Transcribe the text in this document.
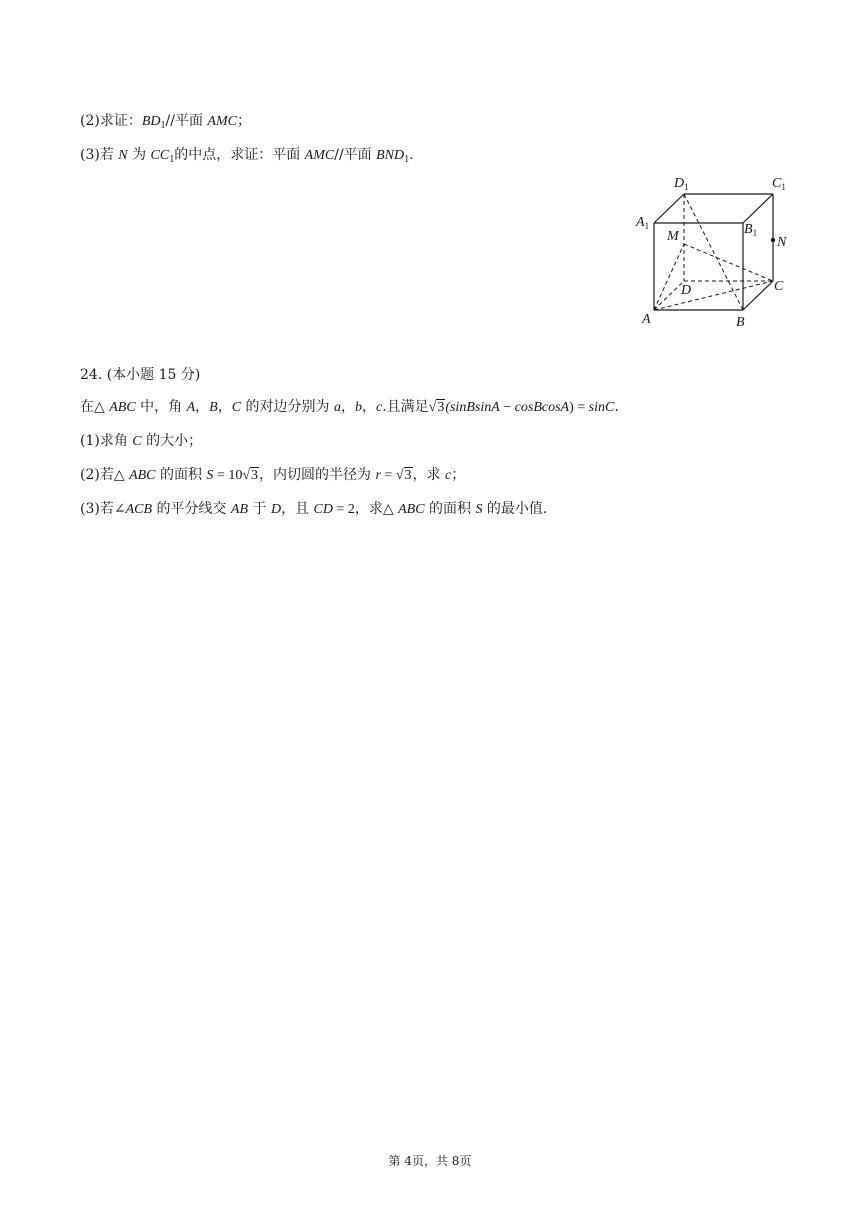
(2)求证：$BD_1//$平面 AMC；
(3)若 N 为 $CC_1$的中点，求证：平面 AMC//平面 $BND_1$.
$D_1$	$C_1$
$A_1$	$B_1$
M	N
D	C
A	B
24. (本小题 15 分)
在△ ABC 中，角 A，B，C 的对边分别为 a，b，c.且满足√3(sinBsinA − cosBcosA) = sinC.
(1)求角 C 的大小；
(2)若△ ABC 的面积 S = 10√3，内切圆的半径为 r = √3，求 c；
(3)若∠ACB 的平分线交 AB 于 D，且 CD = 2，求△ ABC 的面积 S 的最小值.
第 4页，共 8页
